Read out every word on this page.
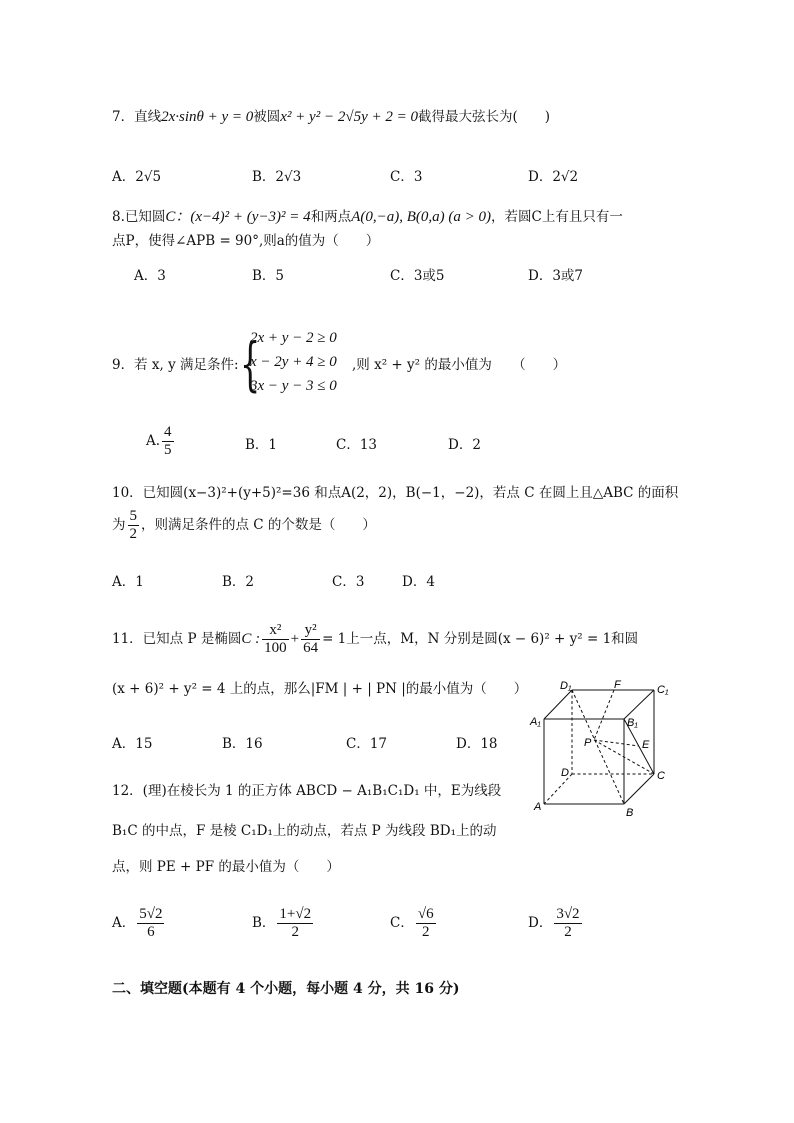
7．直线2x·sinθ + y = 0被圆x² + y² − 2√5y + 2 = 0截得最大弦长为(　　)
A．2√5	B．2√3	C．3	D．2√2
8.已知圆C：(x−4)² + (y−3)² = 4和两点A(0,−a), B(0,a) (a > 0)，若圆C上有且只有一
点P，使得∠APB = 90°,则a的值为（　　）
A．3	B．5	C．3或5	D．3或7
9．若 x, y 满足条件: {
2x + y − 2 ≥ 0
x − 2y + 4 ≥ 0
3x − y − 3 ≤ 0
,则 x² + y² 的最小值为　　（　　）
A. $\frac{4}{5}$	B．1	C．13	D．2
10．已知圆(x−3)²+(y+5)²=36 和点A(2，2)，B(−1，−2)，若点 C 在圆上且△ABC 的面积
为 $\frac{5}{2}$ ，则满足条件的点 C 的个数是（　　）
A．1	B．2	C．3	D．4
11．已知点 P 是椭圆C : $\frac{\text{x²}}{100} + \frac{\text{y²}}{64} = 1$上一点，M，N 分别是圆(x − 6)² + y² = 1和圆
(x + 6)² + y² = 4 上的点，那么|FM | + | PN |的最小值为（　　）
A．15	B．16	C．17	D．18
D₁	F	C₁
A₁	B₁
P	E
D	C
A	B
12．(理)在棱长为 1 的正方体 ABCD − A₁B₁C₁D₁ 中，E为线段
B₁C 的中点，F 是棱 C₁D₁上的动点，若点 P 为线段 BD₁上的动
点，则 PE + PF 的最小值为（　　）
A． $\frac{5√2}{6}$	B． $\frac{1+√2}{2}$	C． $\frac{√6}{2}$	D． $\frac{3√2}{2}$
二、填空题(本题有 4 个小题，每小题 4 分，共 16 分)
